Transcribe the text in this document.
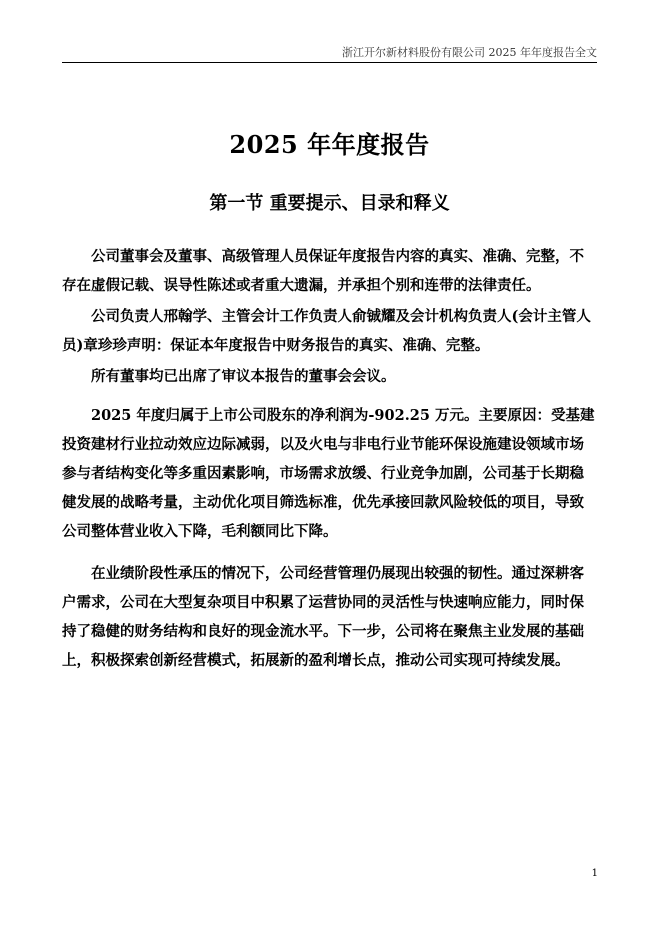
浙江开尔新材料股份有限公司 2025 年年度报告全文
2025 年年度报告
第一节 重要提示、目录和释义

公司董事会及董事、高级管理人员保证年度报告内容的真实、准确、完整，不存在虚假记载、误导性陈述或者重大遗漏，并承担个别和连带的法律责任。

公司负责人邢翰学、主管会计工作负责人俞铖耀及会计机构负责人(会计主管人员)章珍珍声明：保证本年度报告中财务报告的真实、准确、完整。

所有董事均已出席了审议本报告的董事会会议。

2025 年度归属于上市公司股东的净利润为-902.25 万元。主要原因：受基建投资建材行业拉动效应边际减弱，以及火电与非电行业节能环保设施建设领域市场参与者结构变化等多重因素影响，市场需求放缓、行业竞争加剧，公司基于长期稳健发展的战略考量，主动优化项目筛选标准，优先承接回款风险较低的项目，导致公司整体营业收入下降，毛利额同比下降。

在业绩阶段性承压的情况下，公司经营管理仍展现出较强的韧性。通过深耕客户需求，公司在大型复杂项目中积累了运营协同的灵活性与快速响应能力，同时保持了稳健的财务结构和良好的现金流水平。下一步，公司将在聚焦主业发展的基础上，积极探索创新经营模式，拓展新的盈利增长点，推动公司实现可持续发展。

1
